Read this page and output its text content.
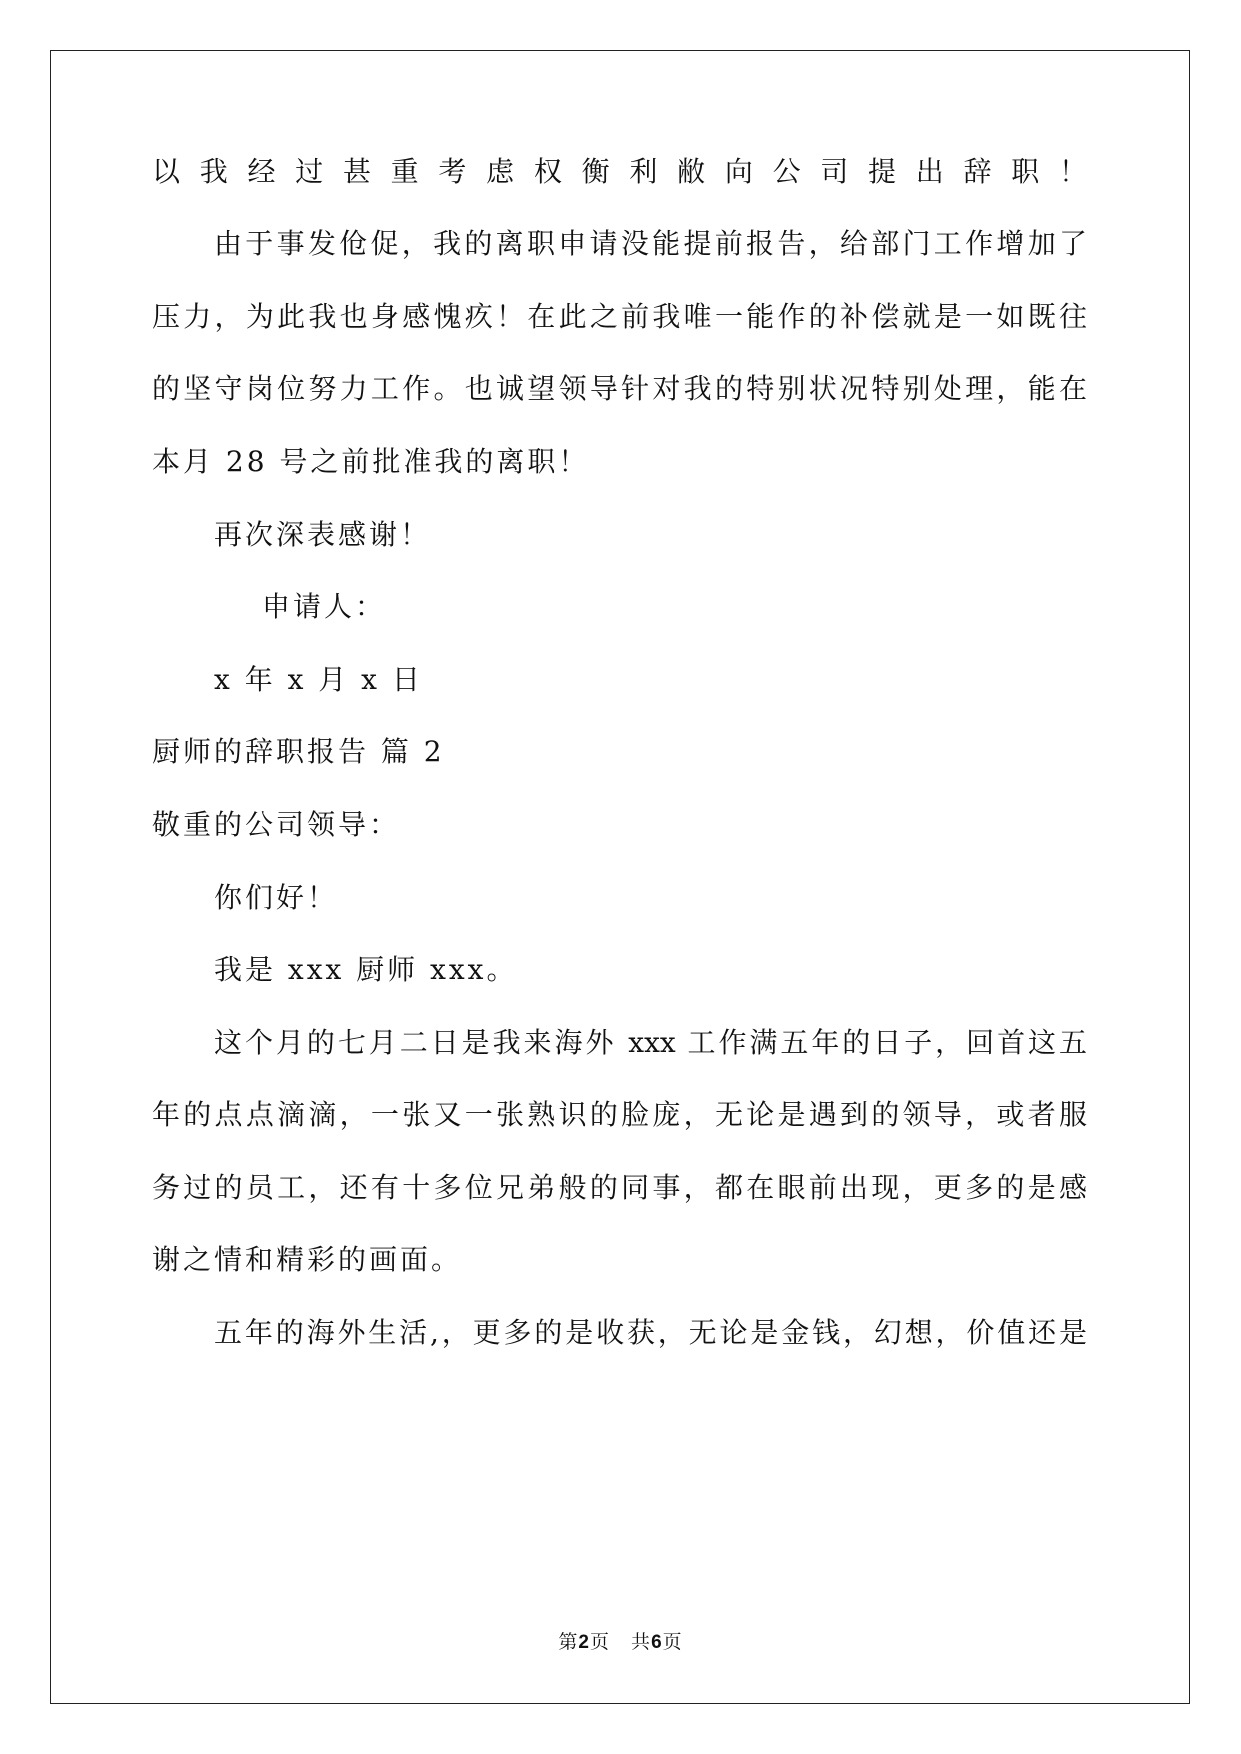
以我经过甚重考虑权衡利敝向公司提出辞职！
由于事发伧促，我的离职申请没能提前报告，给部门工作增加了
压力，为此我也身感愧疚！在此之前我唯一能作的补偿就是一如既往
的坚守岗位努力工作。也诚望领导针对我的特别状况特别处理，能在
本月 28 号之前批准我的离职！
再次深表感谢！
申请人：
x 年 x 月 x 日
厨师的辞职报告 篇 2
敬重的公司领导：
你们好！
我是 xxx 厨师 xxx。
这个月的七月二日是我来海外 xxx 工作满五年的日子，回首这五
年的点点滴滴，一张又一张熟识的脸庞，无论是遇到的领导，或者服
务过的员工，还有十多位兄弟般的同事，都在眼前出现，更多的是感
谢之情和精彩的画面。
五年的海外生活,，更多的是收获，无论是金钱，幻想，价值还是
第2页   共6页
